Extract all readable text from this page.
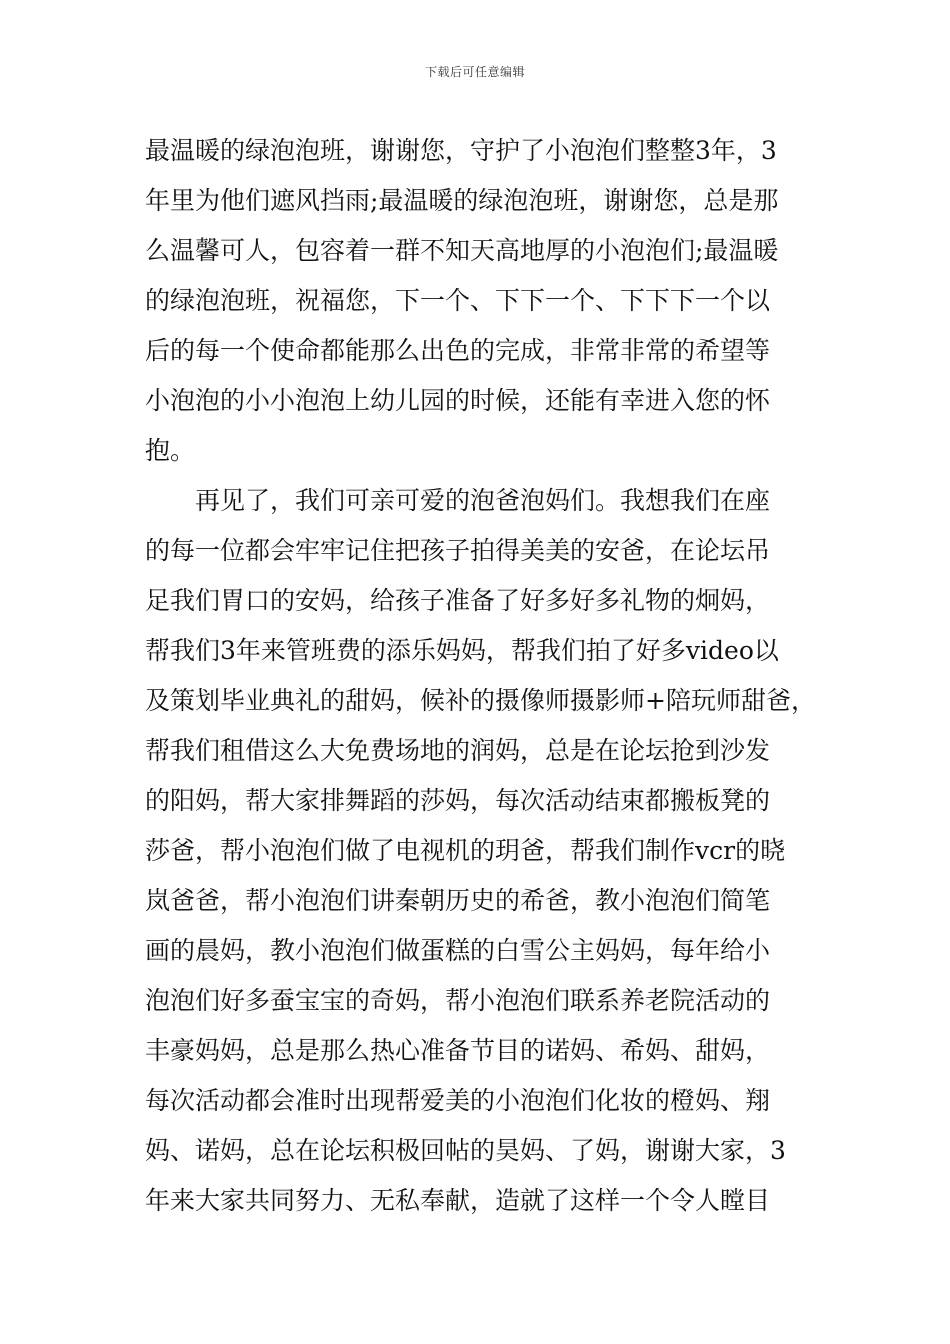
下载后可任意编辑
最温暖的绿泡泡班，谢谢您，守护了小泡泡们整整3年，3
年里为他们遮风挡雨;最温暖的绿泡泡班，谢谢您，总是那
么温馨可人，包容着一群不知天高地厚的小泡泡们;最温暖
的绿泡泡班，祝福您，下一个、下下一个、下下下一个以
后的每一个使命都能那么出色的完成，非常非常的希望等
小泡泡的小小泡泡上幼儿园的时候，还能有幸进入您的怀
抱。
　　再见了，我们可亲可爱的泡爸泡妈们。我想我们在座
的每一位都会牢牢记住把孩子拍得美美的安爸，在论坛吊
足我们胃口的安妈，给孩子准备了好多好多礼物的炯妈，
帮我们3年来管班费的添乐妈妈，帮我们拍了好多video以
及策划毕业典礼的甜妈，候补的摄像师摄影师+陪玩师甜爸，
帮我们租借这么大免费场地的润妈，总是在论坛抢到沙发
的阳妈，帮大家排舞蹈的莎妈，每次活动结束都搬板凳的
莎爸，帮小泡泡们做了电视机的玥爸，帮我们制作vcr的晓
岚爸爸，帮小泡泡们讲秦朝历史的希爸，教小泡泡们简笔
画的晨妈，教小泡泡们做蛋糕的白雪公主妈妈，每年给小
泡泡们好多蚕宝宝的奇妈，帮小泡泡们联系养老院活动的
丰豪妈妈，总是那么热心准备节目的诺妈、希妈、甜妈，
每次活动都会准时出现帮爱美的小泡泡们化妆的橙妈、翔
妈、诺妈，总在论坛积极回帖的昊妈、了妈，谢谢大家，3
年来大家共同努力、无私奉献，造就了这样一个令人瞠目
